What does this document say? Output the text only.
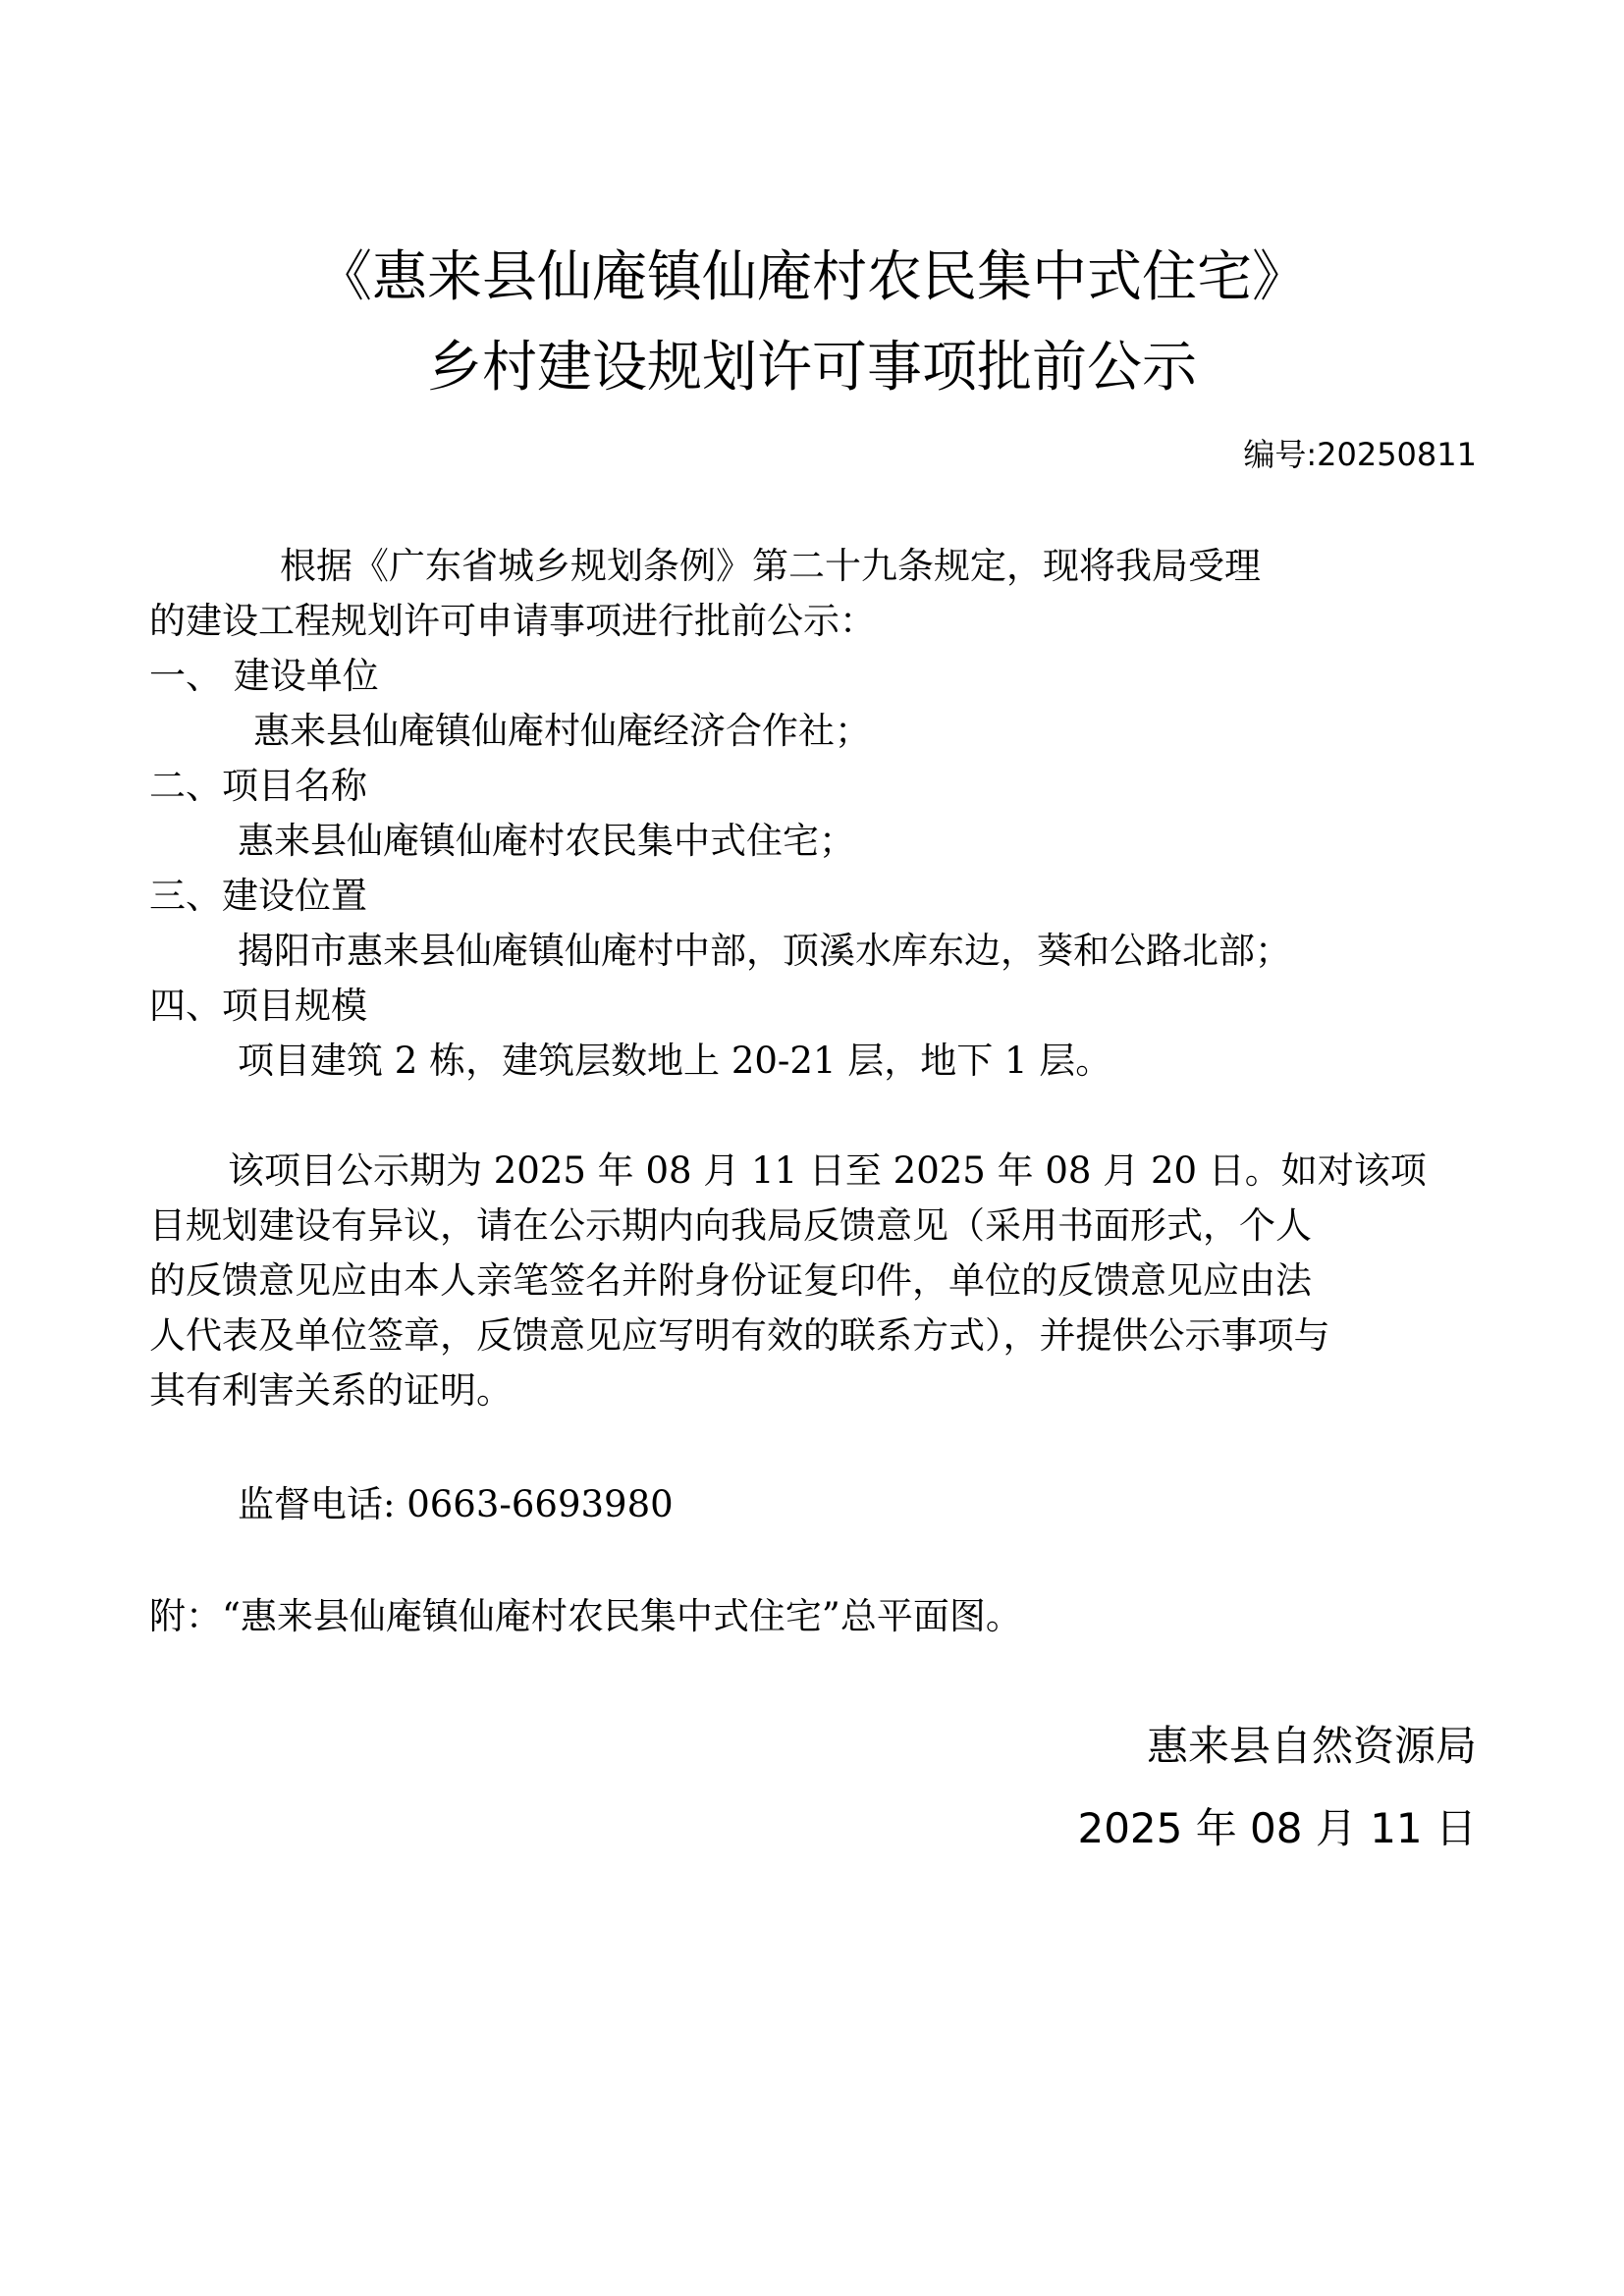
《惠来县仙庵镇仙庵村农民集中式住宅》
乡村建设规划许可事项批前公示
编号:20250811
根据《广东省城乡规划条例》第二十九条规定，现将我局受理
的建设工程规划许可申请事项进行批前公示：
一、 建设单位
惠来县仙庵镇仙庵村仙庵经济合作社；
二、项目名称
惠来县仙庵镇仙庵村农民集中式住宅；
三、建设位置
揭阳市惠来县仙庵镇仙庵村中部，顶溪水库东边，葵和公路北部；
四、项目规模
项目建筑 2 栋，建筑层数地上 20-21 层，地下 1 层。
该项目公示期为 2025 年 08 月 11 日至 2025 年 08 月 20 日。如对该项
目规划建设有异议，请在公示期内向我局反馈意见（采用书面形式，个人
的反馈意见应由本人亲笔签名并附身份证复印件，单位的反馈意见应由法
人代表及单位签章，反馈意见应写明有效的联系方式），并提供公示事项与
其有利害关系的证明。
监督电话: 0663-6693980
附：“惠来县仙庵镇仙庵村农民集中式住宅”总平面图。
惠来县自然资源局
2025 年 08 月 11 日
